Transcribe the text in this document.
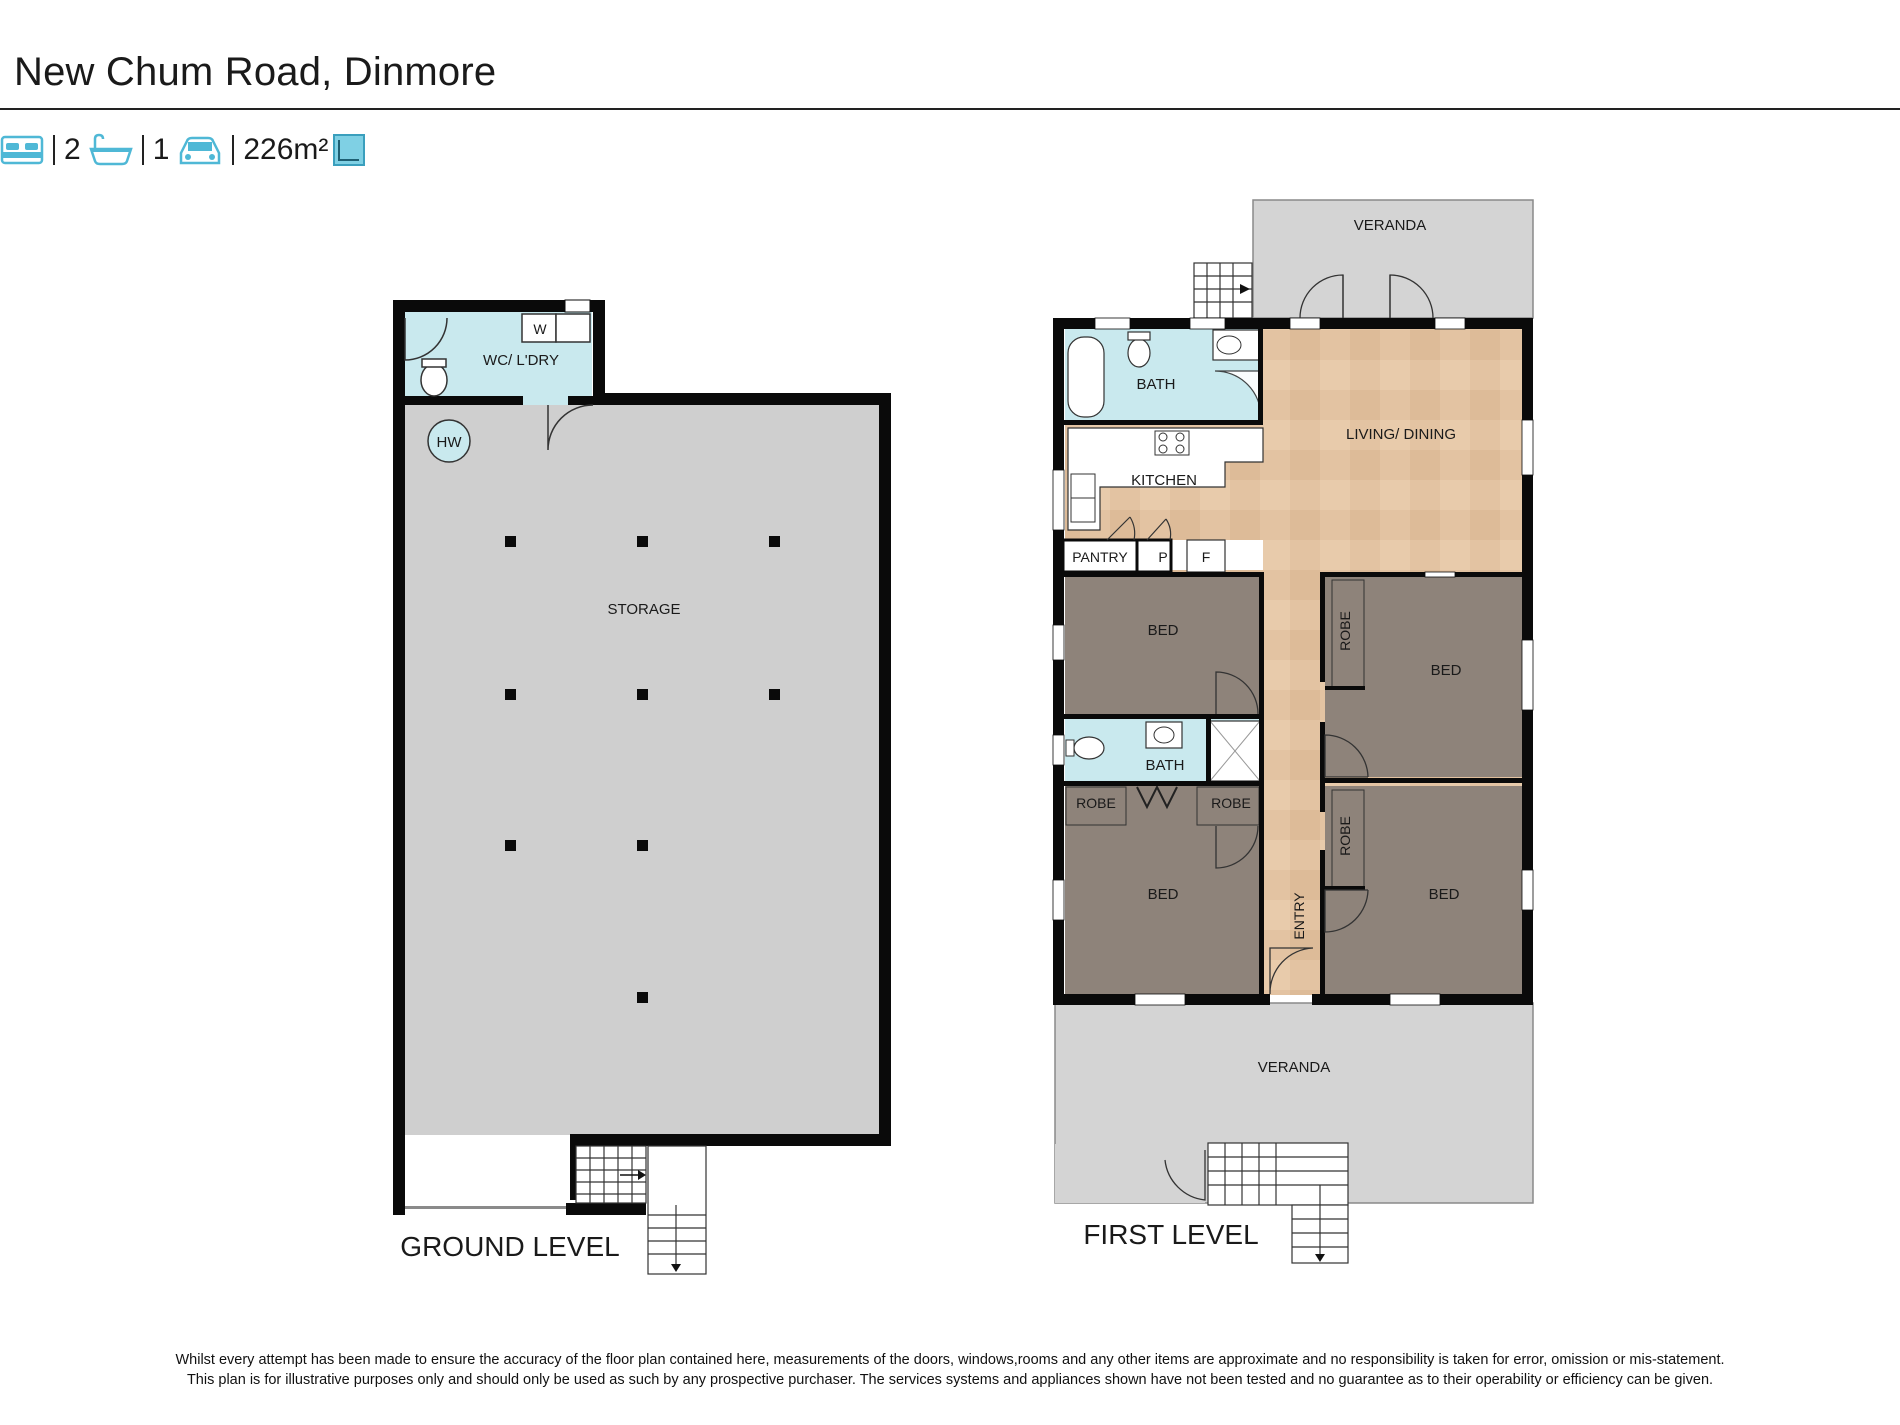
New Chum Road, Dinmore
2 1 226m²
WC/ L'DRY
W
HW
STORAGE
GROUND LEVEL
VERANDA
BATH
LIVING/ DINING
KITCHEN
PANTRY P F
BED
BED
BATH
ROBE	ROBE
BED	BED
VERANDA
FIRST LEVEL
ROBE
ROBE
ENTRY
Whilst every attempt has been made to ensure the accuracy of the floor plan contained here, measurements of the doors, windows,rooms and any other items are approximate and no responsibility is taken for error, omission or mis-statement.
This plan is for illustrative purposes only and should only be used as such by any prospective purchaser. The services systems and appliances shown have not been tested and no guarantee as to their operability or efficiency can be given.
